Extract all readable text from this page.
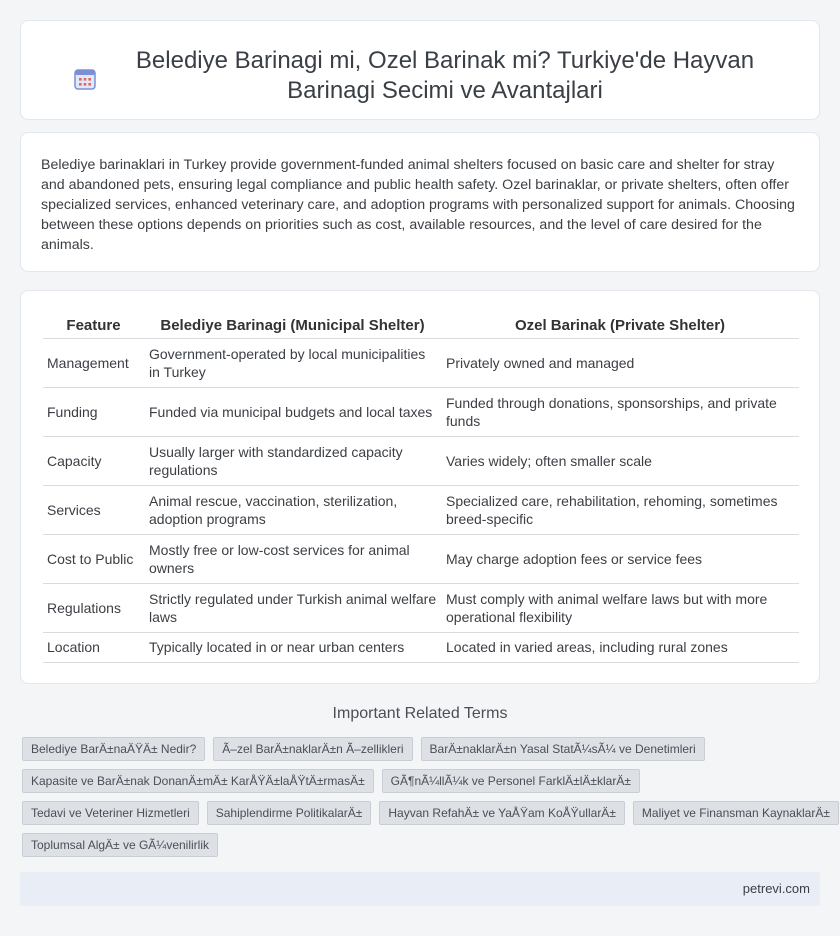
Belediye Barinagi mi, Ozel Barinak mi? Turkiye'de Hayvan Barinagi Secimi ve Avantajlari

Belediye barinaklari in Turkey provide government-funded animal shelters focused on basic care and shelter for stray and abandoned pets, ensuring legal compliance and public health safety. Ozel barinaklar, or private shelters, often offer specialized services, enhanced veterinary care, and adoption programs with personalized support for animals. Choosing between these options depends on priorities such as cost, available resources, and the level of care desired for the animals.

Feature	Belediye Barinagi (Municipal Shelter)	Ozel Barinak (Private Shelter)
Management	Government-operated by local municipalities in Turkey	Privately owned and managed
Funding	Funded via municipal budgets and local taxes	Funded through donations, sponsorships, and private funds
Capacity	Usually larger with standardized capacity regulations	Varies widely; often smaller scale
Services	Animal rescue, vaccination, sterilization, adoption programs	Specialized care, rehabilitation, rehoming, sometimes breed-specific
Cost to Public	Mostly free or low-cost services for animal owners	May charge adoption fees or service fees
Regulations	Strictly regulated under Turkish animal welfare laws	Must comply with animal welfare laws but with more operational flexibility
Location	Typically located in or near urban centers	Located in varied areas, including rural zones
Important Related Terms
Belediye BarÄ±naÄŸÄ± Nedir?	Ã–zel BarÄ±naklarÄ±n Ã–zellikleri	BarÄ±naklarÄ±n Yasal StatÃ¼sÃ¼ ve Denetimleri
Kapasite ve BarÄ±nak DonanÄ±mÄ± KarÅŸÄ±laÅŸtÄ±rmasÄ±	GÃ¶nÃ¼llÃ¼k ve Personel FarklÄ±lÄ±klarÄ±
Tedavi ve Veteriner Hizmetleri	Sahiplendirme PolitikalarÄ±	Hayvan RefahÄ± ve YaÅŸam KoÅŸullarÄ±	Maliyet ve Finansman KaynaklarÄ±
Toplumsal AlgÄ± ve GÃ¼venilirlik
petrevi.com
